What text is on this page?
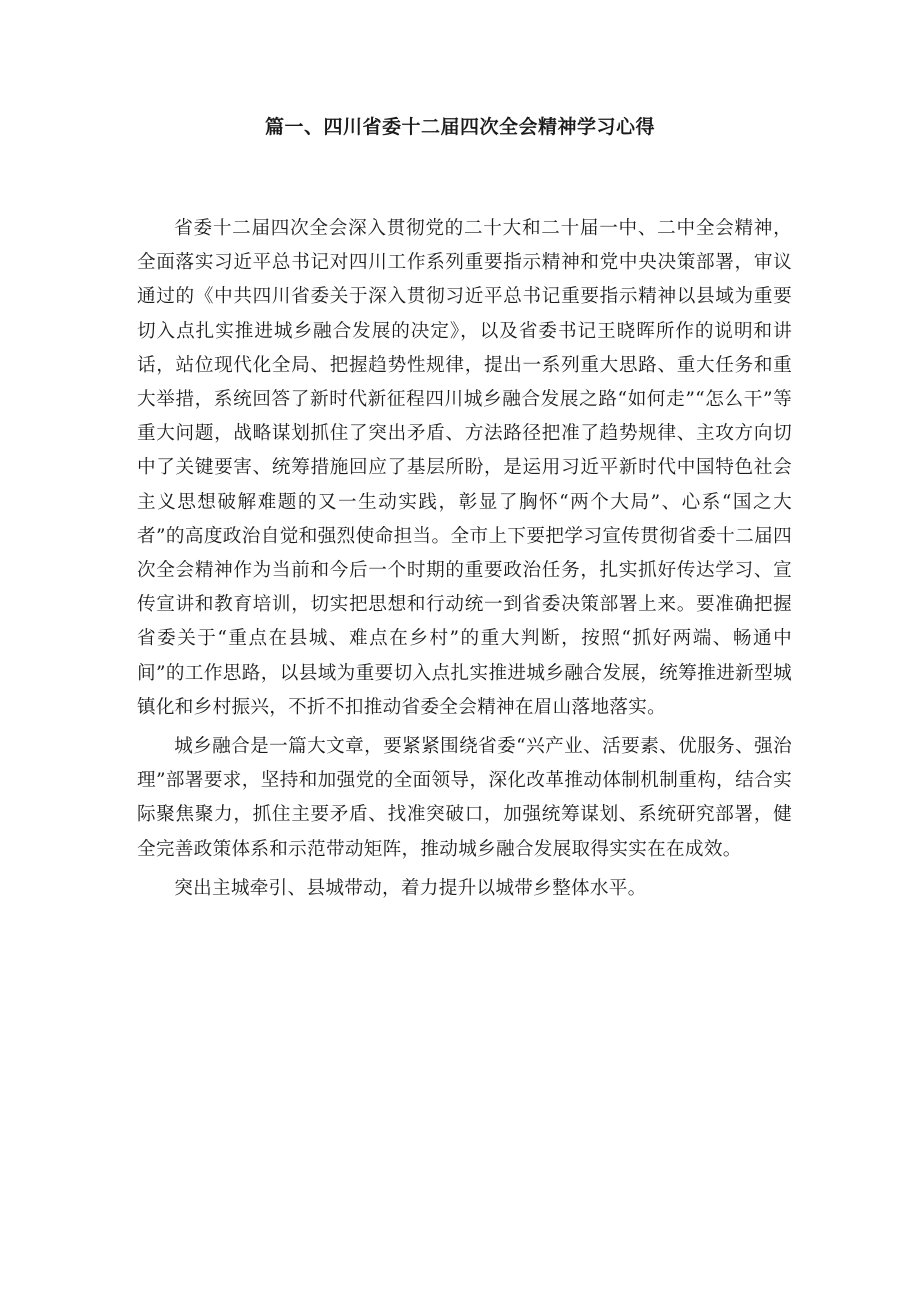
篇一、四川省委十二届四次全会精神学习心得

省委十二届四次全会深入贯彻党的二十大和二十届一中、二中全会精神，全面落实习近平总书记对四川工作系列重要指示精神和党中央决策部署，审议通过的《中共四川省委关于深入贯彻习近平总书记重要指示精神以县域为重要切入点扎实推进城乡融合发展的决定》，以及省委书记王晓晖所作的说明和讲话，站位现代化全局、把握趋势性规律，提出一系列重大思路、重大任务和重大举措，系统回答了新时代新征程四川城乡融合发展之路“如何走”“怎么干”等重大问题，战略谋划抓住了突出矛盾、方法路径把准了趋势规律、主攻方向切中了关键要害、统筹措施回应了基层所盼，是运用习近平新时代中国特色社会主义思想破解难题的又一生动实践，彰显了胸怀“两个大局”、心系“国之大者”的高度政治自觉和强烈使命担当。全市上下要把学习宣传贯彻省委十二届四次全会精神作为当前和今后一个时期的重要政治任务，扎实抓好传达学习、宣传宣讲和教育培训，切实把思想和行动统一到省委决策部署上来。要准确把握省委关于“重点在县城、难点在乡村”的重大判断，按照“抓好两端、畅通中间”的工作思路，以县域为重要切入点扎实推进城乡融合发展，统筹推进新型城镇化和乡村振兴，不折不扣推动省委全会精神在眉山落地落实。

城乡融合是一篇大文章，要紧紧围绕省委“兴产业、活要素、优服务、强治理”部署要求，坚持和加强党的全面领导，深化改革推动体制机制重构，结合实际聚焦聚力，抓住主要矛盾、找准突破口，加强统筹谋划、系统研究部署，健全完善政策体系和示范带动矩阵，推动城乡融合发展取得实实在在成效。

突出主城牵引、县城带动，着力提升以城带乡整体水平。
